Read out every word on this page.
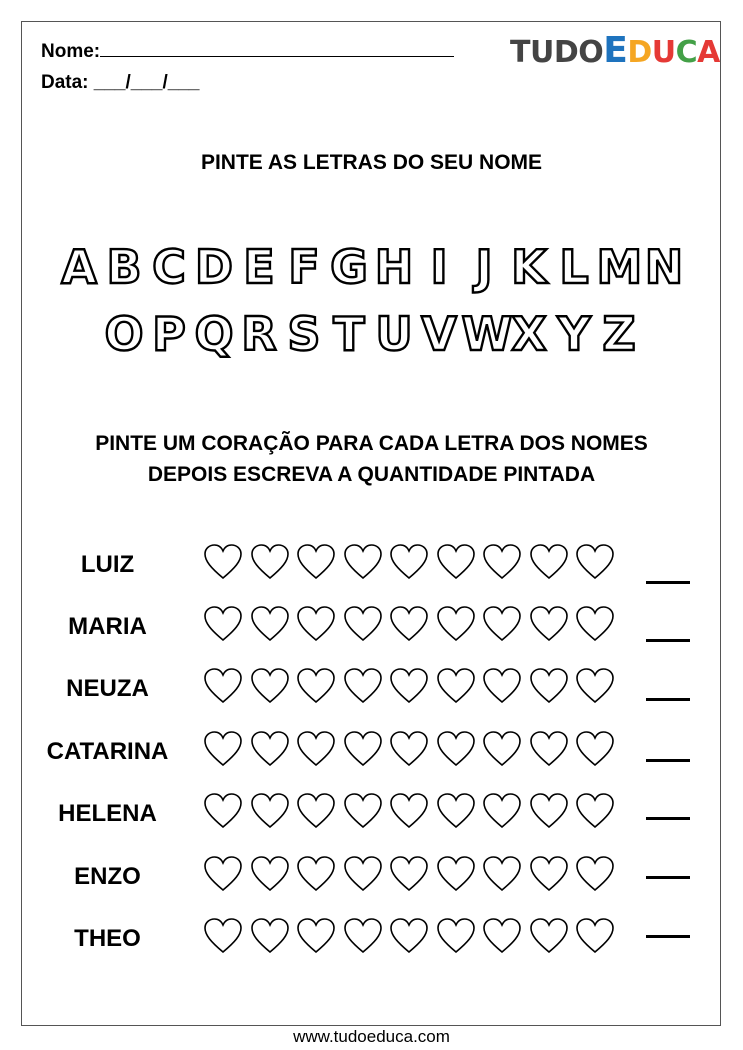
Nome:
Data: ___/___/___
TUDOEDUCA
PINTE AS LETRAS DO SEU NOME
A B C D E F G H I J K L M N
O P Q R S T U V W X Y Z
PINTE UM CORAÇÃO PARA CADA LETRA DOS NOMES
DEPOIS ESCREVA A QUANTIDADE PINTADA
LUIZ
MARIA
NEUZA
CATARINA
HELENA
ENZO
THEO
www.tudoeduca.com
